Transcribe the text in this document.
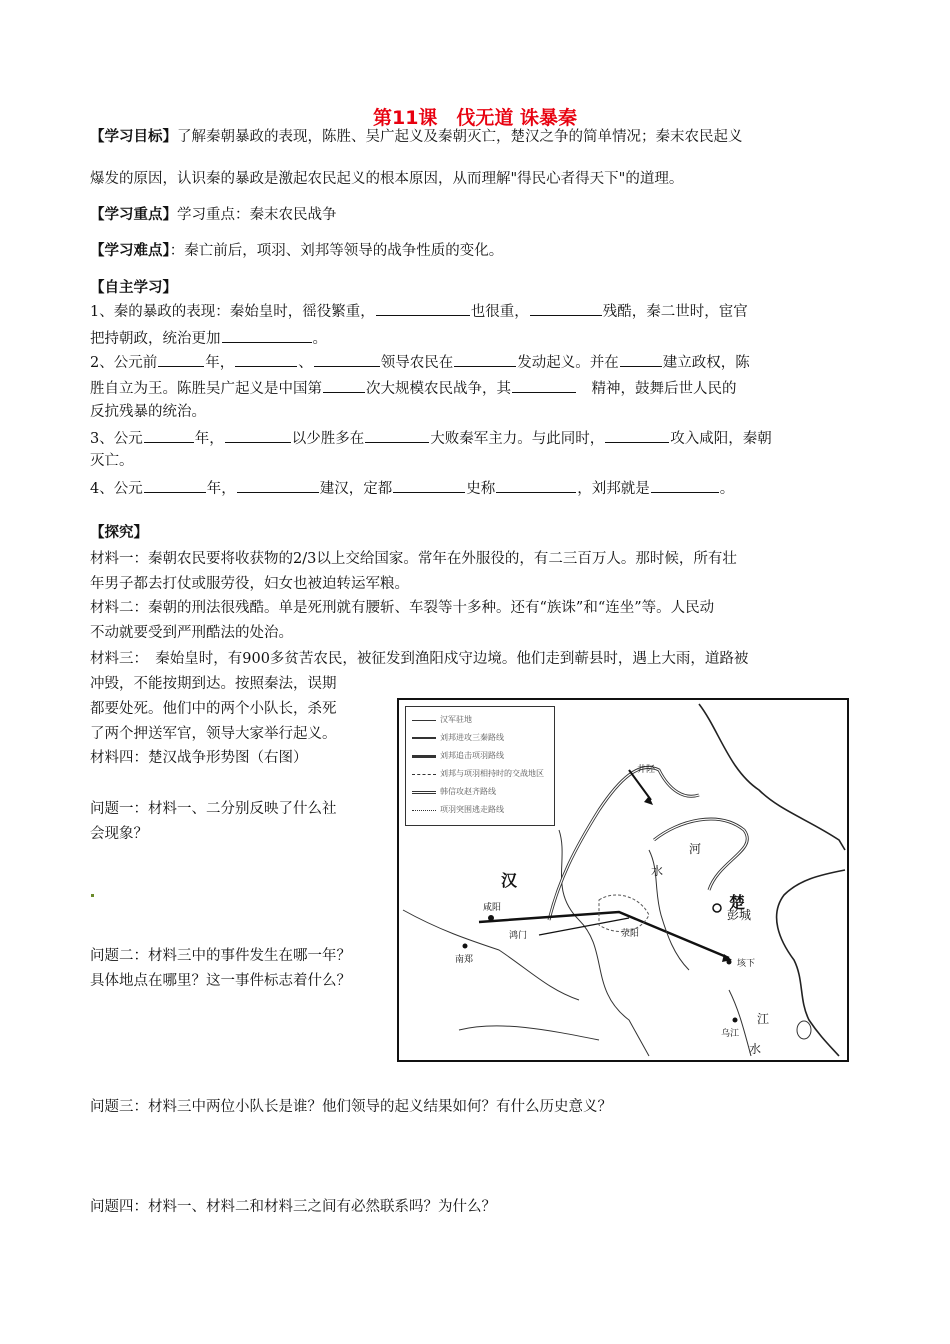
第11课　伐无道 诛暴秦
【学习目标】了解秦朝暴政的表现，陈胜、吴广起义及秦朝灭亡，楚汉之争的简单情况；秦末农民起义
爆发的原因，认识秦的暴政是激起农民起义的根本原因，从而理解"得民心者得天下"的道理。
【学习重点】学习重点：秦末农民战争
【学习难点】：秦亡前后，项羽、刘邦等领导的战争性质的变化。
【自主学习】
1、秦的暴政的表现：秦始皇时，徭役繁重，	也很重，	残酷，秦二世时，宦官
把持朝政，统治更加	。
2、公元前	年，	、	领导农民在	发动起义。并在	建立政权，陈
胜自立为王。陈胜吴广起义是中国第	次大规模农民战争，其　	精神，鼓舞后世人民的
反抗残暴的统治。
3、公元	年，	以少胜多在	大败秦军主力。与此同时，	攻入咸阳，秦朝
灭亡。
4、公元	年，	建汉，定都	史称	，刘邦就是	。
【探究】
材料一：秦朝农民要将收获物的2/3以上交给国家。常年在外服役的，有二三百万人。那时候，所有壮
年男子都去打仗或服劳役，妇女也被迫转运军粮。
材料二：秦朝的刑法很残酷。单是死刑就有腰斩、车裂等十多种。还有“族诛”和“连坐”等。人民动
不动就要受到严刑酷法的处治。
材料三：　秦始皇时，有900多贫苦农民，被征发到渔阳戍守边境。他们走到蕲县时，遇上大雨，道路被
冲毁，不能按期到达。按照秦法，误期
都要处死。他们中的两个小队长，杀死
了两个押送军官，领导大家举行起义。
材料四：楚汉战争形势图（右图）
问题一：材料一、二分别反映了什么社
会现象？
问题二：材料三中的事件发生在哪一年？
具体地点在哪里？这一事件标志着什么？
问题三：材料三中两位小队长是谁？他们领导的起义结果如何？有什么历史意义？
问题四：材料一、材料二和材料三之间有必然联系吗？为什么？
汉军驻地
刘邦进攻三秦路线
刘邦追击项羽路线
刘邦与项羽相持时的交战地区
韩信攻赵齐路线
项羽突围逃走路线
汉
楚
彭城
咸阳
鸿门
南郑
井陉
河
水
荥阳
垓下
乌江
江
水
